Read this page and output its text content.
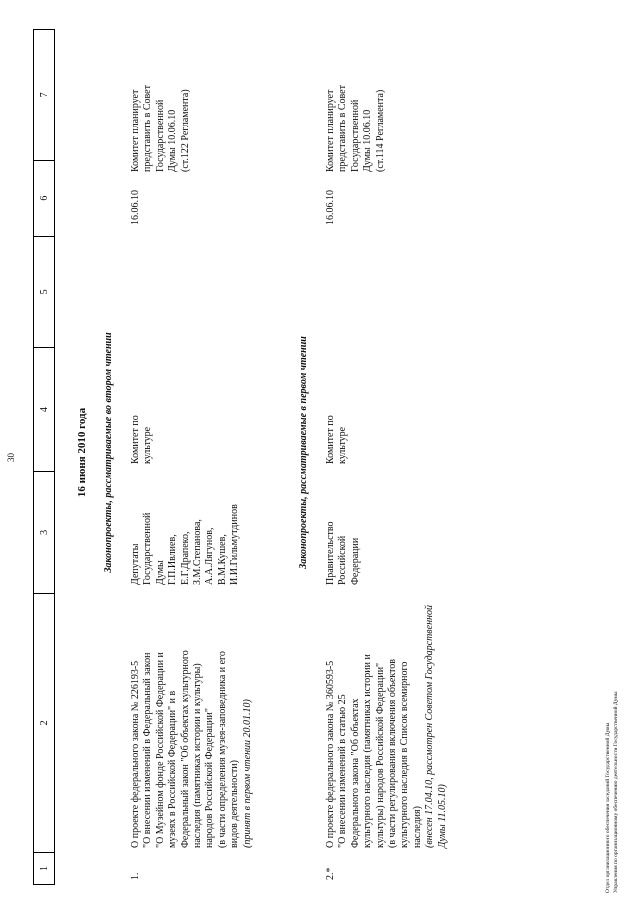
30
1
2
3
4
5
6
7
16 июня 2010 года Законопроекты, рассматриваемые во втором чтении
1.
О проекте федерального закона № 226193-5 "О внесении изменений в Федеральный закон "О Музейном фонде Российской Федерации и музеях в Российской Федерации" и в Федеральный закон "Об объектах культурного наследия (памятниках истории и культуры) народов Российской Федерации" (в части определения музея-заповедника и его видов деятельности) (принят в первом чтении 20.01.10)
Депутаты Государственной Думы Г.П.Ивлиев, Е.Г.Драпеко, З.М.Степанова, А.А.Лягунов, В.М.Кушев, И.И.Гильмутдинов
Комитет по культуре
16.06.10
Комитет планирует представить в Совет Государственной Думы 10.06.10 (ст.122 Регламента)
Законопроекты, рассматриваемые в первом чтении
2.*
О проекте федерального закона № 360593-5 "О внесении изменений в статью 25 Федерального закона "Об объектах культурного наследия (памятниках истории и культуры) народов Российской Федерации" (в части регулирования включения объектов культурного наследия в Список всемирного наследия) (внесен 17.04.10, рассмотрен Советом Государственной Думы 11.05.10)
Правительство Российской Федерации
Комитет по культуре
16.06.10
Комитет планирует представить в Совет Государственной Думы 10.06.10 (ст.114 Регламента)
Отдел организационного обеспечения заседаний Государственной Думы Управления по организационному обеспечению деятельности Государственной Думы
